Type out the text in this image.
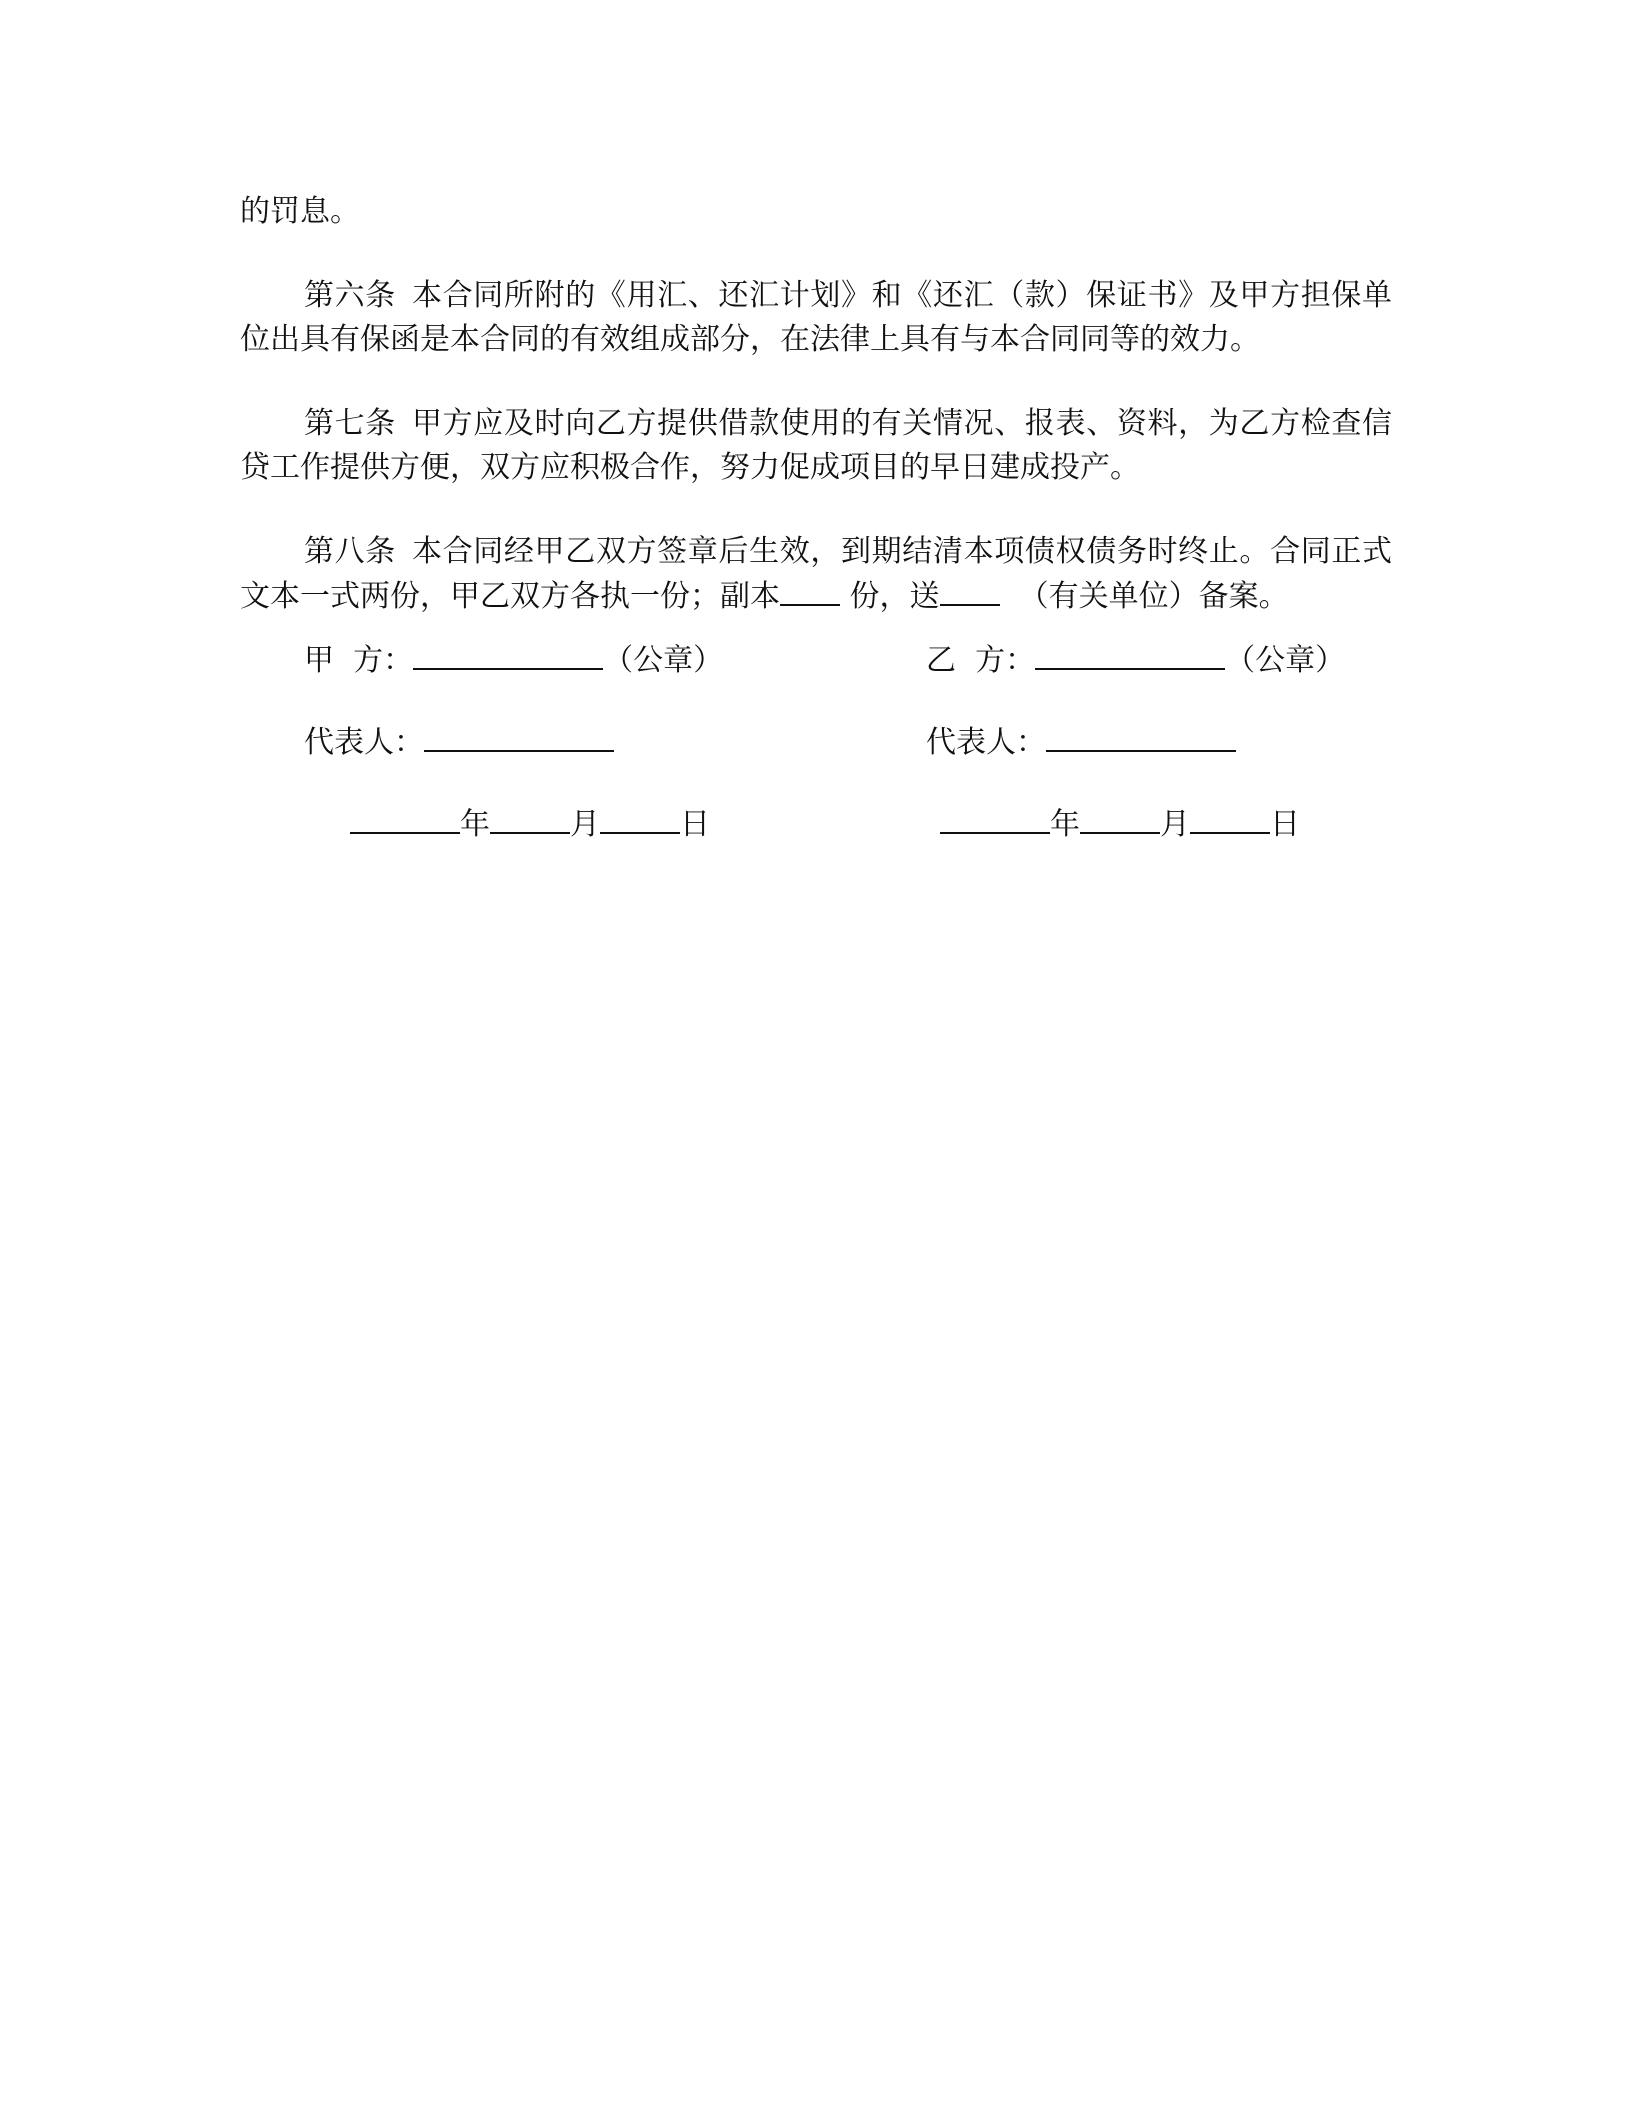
的罚息。

第六条 本合同所附的《用汇、还汇计划》和《还汇（款）保证书》及甲方担保单位出具有保函是本合同的有效组成部分，在法律上具有与本合同同等的效力。

第七条 甲方应及时向乙方提供借款使用的有关情况、报表、资料，为乙方检查信贷工作提供方便，双方应积极合作，努力促成项目的早日建成投产。

第八条 本合同经甲乙双方签章后生效，到期结清本项债权债务时终止。合同正式文本一式两份，甲乙双方各执一份；副本 份，送	（有关单位）备案。

甲  方：	（公章）	乙  方：	（公章）
代表人：	代表人：
年	月	日	年	月	日
